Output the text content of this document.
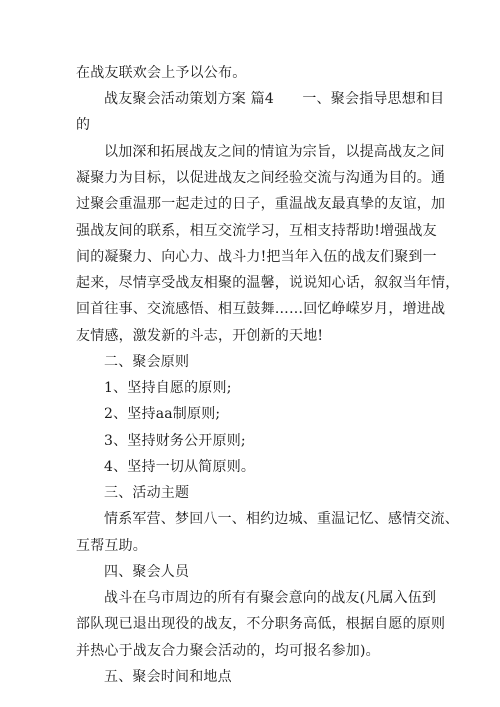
在战友联欢会上予以公布。
战友聚会活动策划方案 篇4　　一、聚会指导思想和目
的
以加深和拓展战友之间的情谊为宗旨，以提高战友之间
凝聚力为目标，以促进战友之间经验交流与沟通为目的。通
过聚会重温那一起走过的日子，重温战友最真挚的友谊，加
强战友间的联系，相互交流学习，互相支持帮助!增强战友
间的凝聚力、向心力、战斗力!把当年入伍的战友们聚到一
起来，尽情享受战友相聚的温馨，说说知心话，叙叙当年情，
回首往事、交流感悟、相互鼓舞……回忆峥嵘岁月，增进战
友情感，激发新的斗志，开创新的天地!
二、聚会原则
1、坚持自愿的原则;
2、坚持aa制原则;
3、坚持财务公开原则;
4、坚持一切从简原则。
三、活动主题
情系军营、梦回八一、相约边城、重温记忆、感情交流、
互帮互助。
四、聚会人员
战斗在乌市周边的所有有聚会意向的战友(凡属入伍到
部队现已退出现役的战友，不分职务高低，根据自愿的原则
并热心于战友合力聚会活动的，均可报名参加)。
五、聚会时间和地点
